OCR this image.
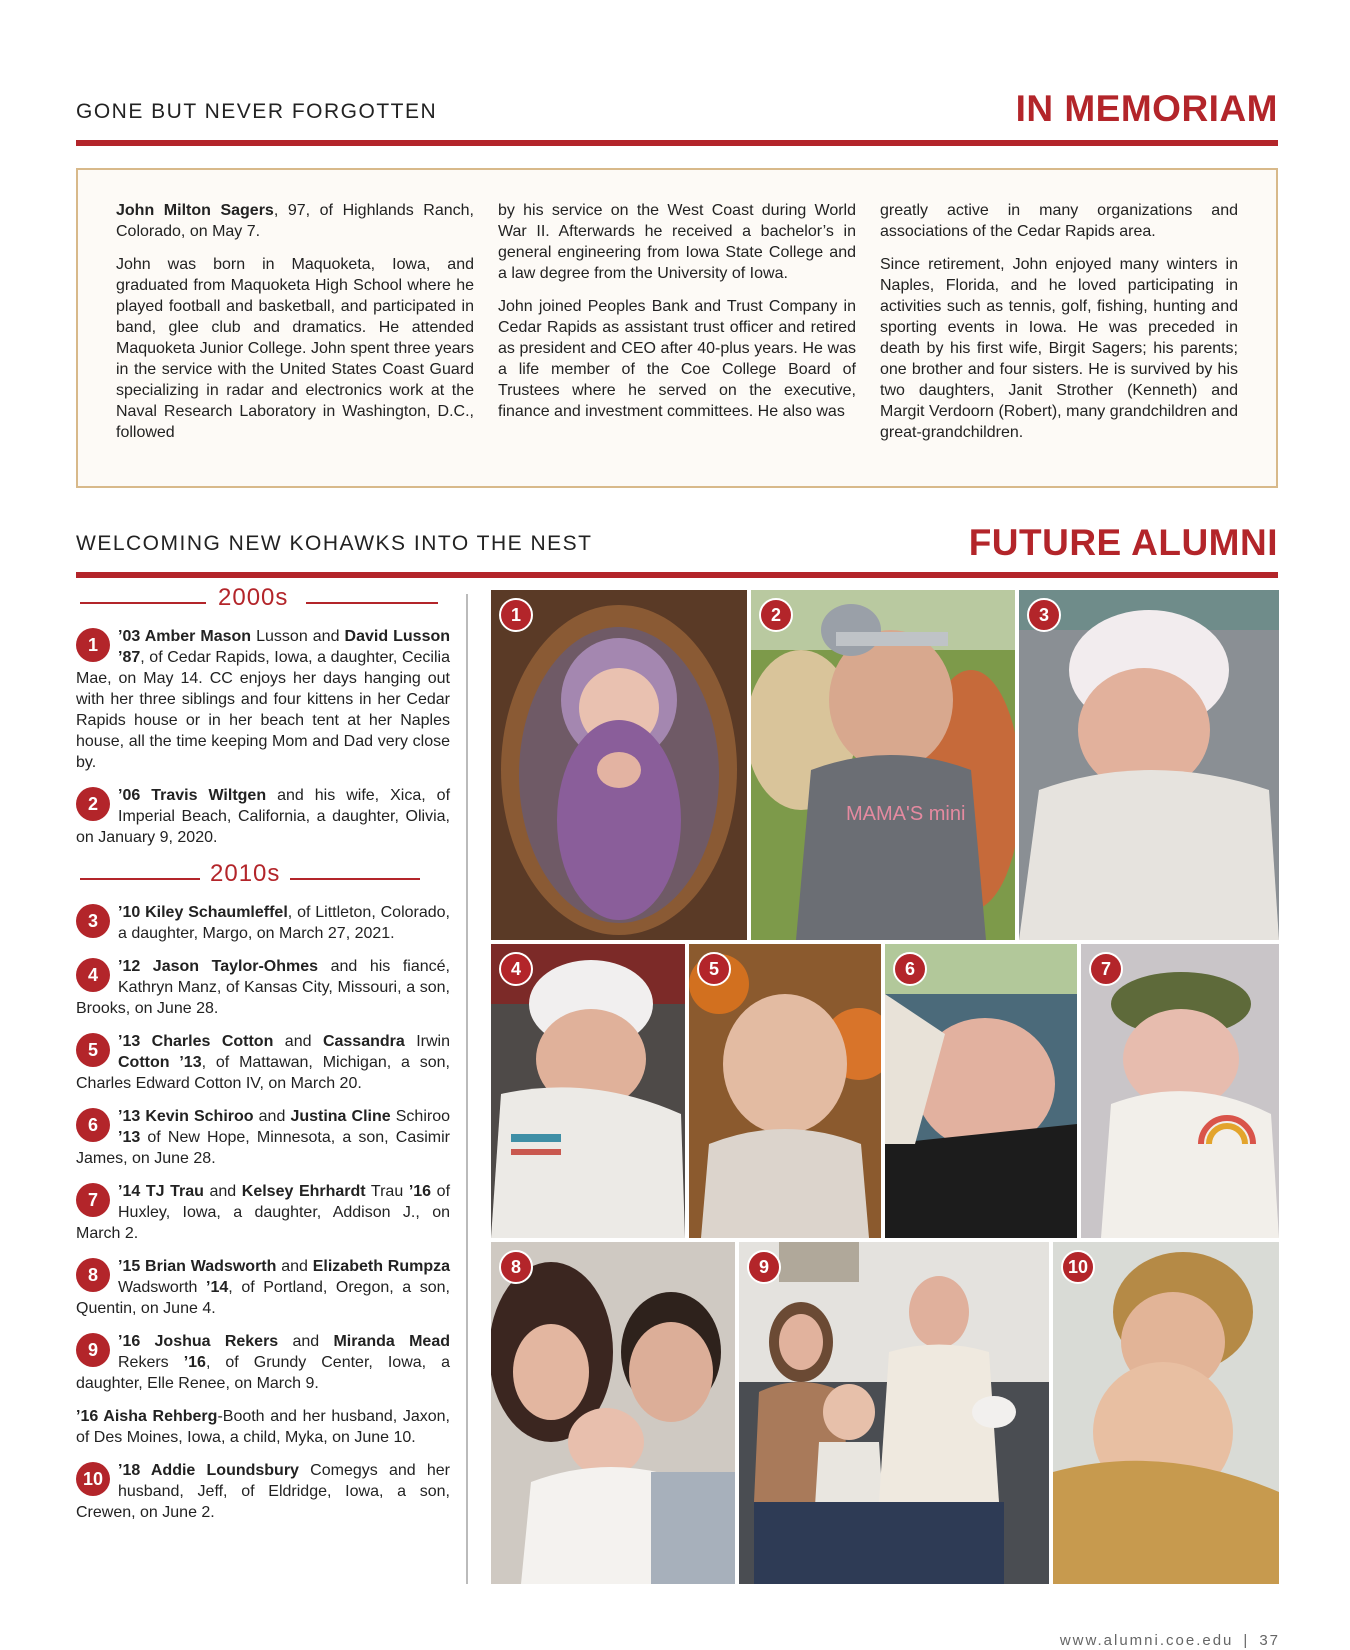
GONE BUT NEVER FORGOTTEN	IN MEMORIAM

John Milton Sagers, 97, of Highlands Ranch, Colorado, on May 7.

John was born in Maquoketa, Iowa, and graduated from Maquoketa High School where he played football and basketball, and participated in band, glee club and dramatics. He attended Maquoketa Junior College. John spent three years in the service with the United States Coast Guard specializing in radar and electronics work at the Naval Research Laboratory in Washington, D.C., followed

by his service on the West Coast during World War II. Afterwards he received a bachelor’s in general engineering from Iowa State College and a law degree from the University of Iowa.

John joined Peoples Bank and Trust Company in Cedar Rapids as assistant trust officer and retired as president and CEO after 40-plus years. He was a life member of the Coe College Board of Trustees where he served on the executive, finance and investment committees. He also was

greatly active in many organizations and associations of the Cedar Rapids area.

Since retirement, John enjoyed many winters in Naples, Florida, and he loved participating in activities such as tennis, golf, fishing, hunting and sporting events in Iowa. He was preceded in death by his first wife, Birgit Sagers; his parents; one brother and four sisters. He is survived by his two daughters, Janit Strother (Kenneth) and Margit Verdoorn (Robert), many grandchildren and great-grandchildren.

WELCOMING NEW KOHAWKS INTO THE NEST	FUTURE ALUMNI
2000s
1	’03 Amber Mason Lusson and David Lusson ’87, of Cedar Rapids, Iowa, a daughter, Cecilia Mae, on May 14. CC enjoys her days hanging out with her three siblings and four kittens in her Cedar Rapids house or in her beach tent at her Naples house, all the time keeping Mom and Dad very close by.
2	’06 Travis Wiltgen and his wife, Xica, of Imperial Beach, California, a daughter, Olivia, on January 9, 2020.
2010s
3	’10 Kiley Schaumleffel, of Littleton, Colorado, a daughter, Margo, on March 27, 2021.
4	’12 Jason Taylor-Ohmes and his fiancé, Kathryn Manz, of Kansas City, Missouri, a son, Brooks, on June 28.
5	’13 Charles Cotton and Cassandra Irwin Cotton ’13, of Mattawan, Michigan, a son, Charles Edward Cotton IV, on March 20.
6	’13 Kevin Schiroo and Justina Cline Schiroo ’13 of New Hope, Minnesota, a son, Casimir James, on June 28.
7	’14 TJ Trau and Kelsey Ehrhardt Trau ’16 of Huxley, Iowa, a daughter, Addison J., on March 2.
8	’15 Brian Wadsworth and Elizabeth Rumpza Wadsworth ’14, of Portland, Oregon, a son, Quentin, on June 4.
9	’16 Joshua Rekers and Miranda Mead Rekers ’16, of Grundy Center, Iowa, a daughter, Elle Renee, on March 9.
’16 Aisha Rehberg-Booth and her husband, Jaxon, of Des Moines, Iowa, a child, Myka, on June 10.
10 ’18 Addie Loundsbury Comegys and her husband, Jeff, of Eldridge, Iowa, a son, Crewen, on June 2.
1
MAMA'S mini
2	3
4	5	6	7
8	9	10
www.alumni.coe.edu | 37
